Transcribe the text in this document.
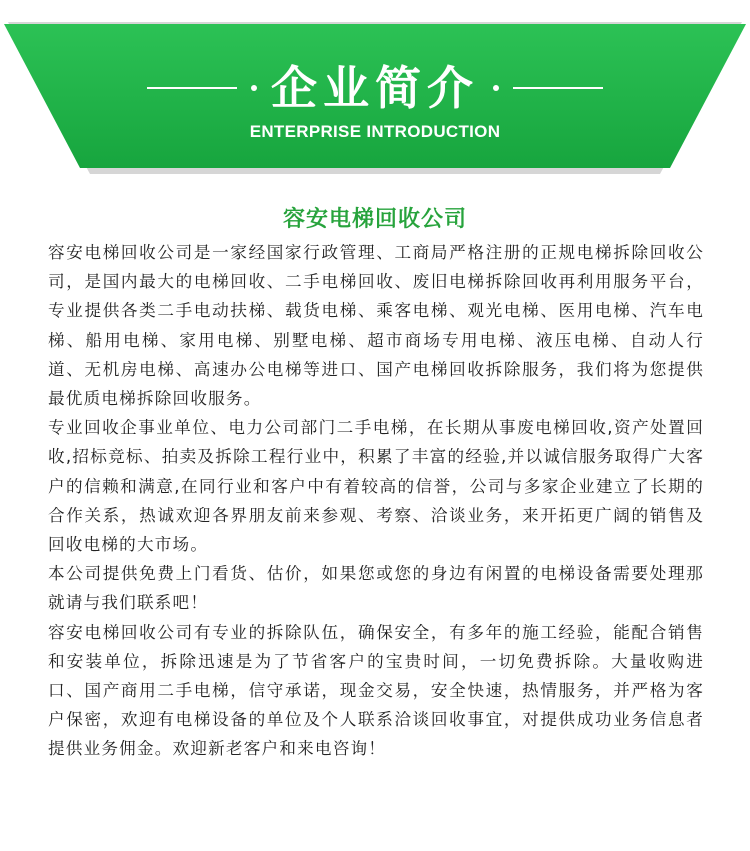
企业简介
ENTERPRISE INTRODUCTION
容安电梯回收公司

容安电梯回收公司是一家经国家行政管理、工商局严格注册的正规电梯拆除回收公司，是国内最大的电梯回收、二手电梯回收、废旧电梯拆除回收再利用服务平台，专业提供各类二手电动扶梯、载货电梯、乘客电梯、观光电梯、医用电梯、汽车电梯、船用电梯、家用电梯、别墅电梯、超市商场专用电梯、液压电梯、自动人行道、无机房电梯、高速办公电梯等进口、国产电梯回收拆除服务，我们将为您提供最优质电梯拆除回收服务。

专业回收企事业单位、电力公司部门二手电梯，在长期从事废电梯回收,资产处置回收,招标竞标、拍卖及拆除工程行业中，积累了丰富的经验,并以诚信服务取得广大客户的信赖和满意,在同行业和客户中有着较高的信誉，公司与多家企业建立了长期的合作关系，热诚欢迎各界朋友前来参观、考察、洽谈业务，来开拓更广阔的销售及回收电梯的大市场。

本公司提供免费上门看货、估价，如果您或您的身边有闲置的电梯设备需要处理那就请与我们联系吧！

容安电梯回收公司有专业的拆除队伍，确保安全，有多年的施工经验，能配合销售和安装单位，拆除迅速是为了节省客户的宝贵时间，一切免费拆除。大量收购进口、国产商用二手电梯，信守承诺，现金交易，安全快速，热情服务，并严格为客户保密，欢迎有电梯设备的单位及个人联系洽谈回收事宜，对提供成功业务信息者提供业务佣金。欢迎新老客户和来电咨询！
